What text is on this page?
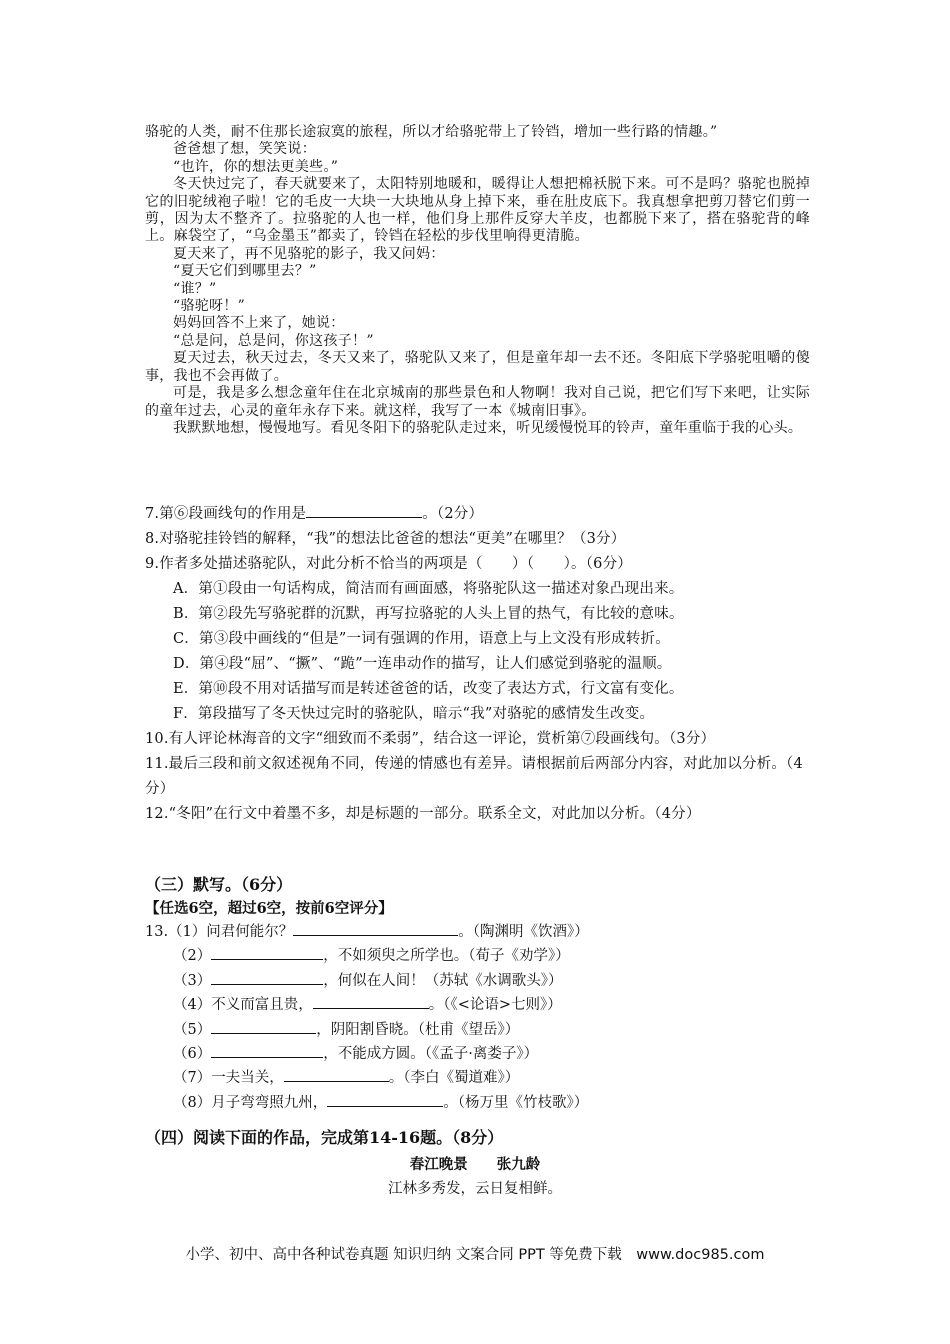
骆驼的人类，耐不住那长途寂寞的旅程，所以才给骆驼带上了铃铛，增加一些行路的情趣。”

爸爸想了想，笑笑说：

“也许，你的想法更美些。”

冬天快过完了，春天就要来了，太阳特别地暖和，暖得让人想把棉袄脱下来。可不是吗？骆驼也脱掉它的旧驼绒袍子啦！它的毛皮一大块一大块地从身上掉下来，垂在肚皮底下。我真想拿把剪刀替它们剪一剪，因为太不整齐了。拉骆驼的人也一样，他们身上那件反穿大羊皮，也都脱下来了，搭在骆驼背的峰上。麻袋空了，“乌金墨玉”都卖了，铃铛在轻松的步伐里响得更清脆。

夏天来了，再不见骆驼的影子，我又问妈：

“夏天它们到哪里去？”

“谁？”

“骆驼呀！”

妈妈回答不上来了，她说：

“总是问，总是问，你这孩子！”

夏天过去，秋天过去，冬天又来了，骆驼队又来了，但是童年却一去不还。冬阳底下学骆驼咀嚼的傻事，我也不会再做了。

可是，我是多么想念童年住在北京城南的那些景色和人物啊！我对自己说，把它们写下来吧，让实际的童年过去，心灵的童年永存下来。就这样，我写了一本《城南旧事》。

我默默地想，慢慢地写。看见冬阳下的骆驼队走过来，听见缓慢悦耳的铃声，童年重临于我的心头。

7.第⑥段画线句的作用是	。（2分）

8.对骆驼挂铃铛的解释，“我”的想法比爸爸的想法“更美”在哪里？（3分）

9.作者多处描述骆驼队，对此分析不恰当的两项是（　　）（　　）。（6分）

A．第①段由一句话构成，简洁而有画面感，将骆驼队这一描述对象凸现出来。

B．第②段先写骆驼群的沉默，再写拉骆驼的人头上冒的热气，有比较的意味。

C．第③段中画线的“但是”一词有强调的作用，语意上与上文没有形成转折。

D．第④段“屈”、“撅”、“跪”一连串动作的描写，让人们感觉到骆驼的温顺。

E．第⑩段不用对话描写而是转述爸爸的话，改变了表达方式，行文富有变化。

F．第段描写了冬天快过完时的骆驼队，暗示“我”对骆驼的感情发生改变。

10.有人评论林海音的文字“细致而不柔弱”，结合这一评论，赏析第⑦段画线句。（3分）

11.最后三段和前文叙述视角不同，传递的情感也有差异。请根据前后两部分内容，对此加以分析。（4分）

12.“冬阳”在行文中着墨不多，却是标题的一部分。联系全文，对此加以分析。（4分）

（三）默写。（6分）

【任选6空，超过6空，按前6空评分】

13.（1）问君何能尔？	。（陶渊明《饮酒》）

（2）	，不如须臾之所学也。（荀子《劝学》）

（3）	，何似在人间！（苏轼《水调歌头》）

（4）不义而富且贵，	。（《<论语>七则》）

（5）	，阴阳割昏晓。（杜甫《望岳》）

（6）	，不能成方圆。（《孟子·离娄子》）

（7）一夫当关，	。（李白《蜀道难》）

（8）月子弯弯照九州，	。（杨万里《竹枝歌》）

（四）阅读下面的作品，完成第14-16题。（8分）

春江晚景 张九龄
江林多秀发，云日复相鲜。
小学、初中、高中各种试卷真题 知识归纳 文案合同 PPT 等免费下载　www.doc985.com
